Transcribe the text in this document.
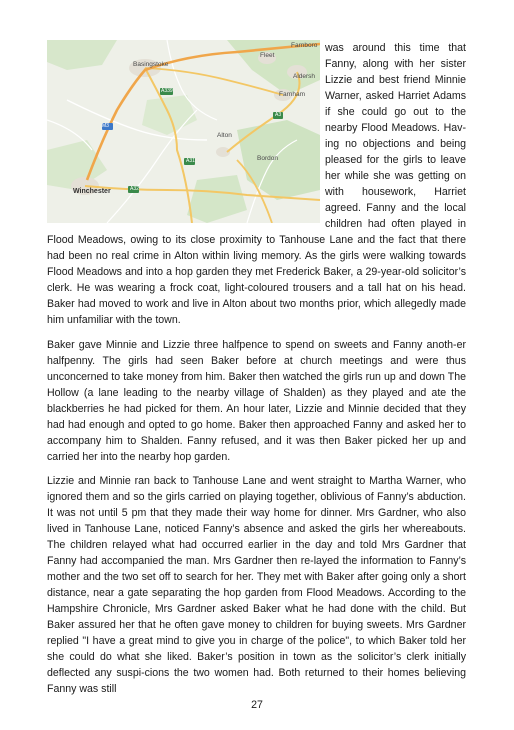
M3
A31
A339
A32
A3
Farnboro
Fleet
Basingstoke
Aldersh
Farnham
Alton
Bordon
Winchester

was around this time that Fanny, along with her sister Lizzie and best friend Minnie Warner, asked Harriet Adams if she could go out to the nearby Flood Meadows. Hav-ing no objections and being pleased for the girls to leave her while she was getting on with housework, Harriet agreed. Fanny and the local children had often played in Flood Meadows, owing to its close proximity to Tanhouse Lane and the fact that there had been no real crime in Alton within living memory. As the girls were walking towards Flood Meadows and into a hop garden they met Frederick Baker, a 29-year-old solicitor’s clerk. He was wearing a frock coat, light-coloured trousers and a tall hat on his head. Baker had moved to work and live in Alton about two months prior, which allegedly made him unfamiliar with the town.

Baker gave Minnie and Lizzie three halfpence to spend on sweets and Fanny anoth-er halfpenny. The girls had seen Baker before at church meetings and were thus unconcerned to take money from him. Baker then watched the girls run up and down The Hollow (a lane leading to the nearby village of Shalden) as they played and ate the blackberries he had picked for them. An hour later, Lizzie and Minnie decided that they had had enough and opted to go home. Baker then approached Fanny and asked her to accompany him to Shalden. Fanny refused, and it was then Baker picked her up and carried her into the nearby hop garden.

Lizzie and Minnie ran back to Tanhouse Lane and went straight to Martha Warner, who ignored them and so the girls carried on playing together, oblivious of Fanny’s abduction. It was not until 5 pm that they made their way home for dinner. Mrs Gardner, who also lived in Tanhouse Lane, noticed Fanny’s absence and asked the girls her whereabouts. The children relayed what had occurred earlier in the day and told Mrs Gardner that Fanny had accompanied the man. Mrs Gardner then re-layed the information to Fanny’s mother and the two set off to search for her. They met with Baker after going only a short distance, near a gate separating the hop garden from Flood Meadows. According to the Hampshire Chronicle, Mrs Gardner asked Baker what he had done with the child. But Baker assured her that he often gave money to children for buying sweets. Mrs Gardner replied "I have a great mind to give you in charge of the police", to which Baker told her she could do what she liked. Baker’s position in town as the solicitor’s clerk initially deflected any suspi-cions the two women had. Both returned to their homes believing Fanny was still

27
